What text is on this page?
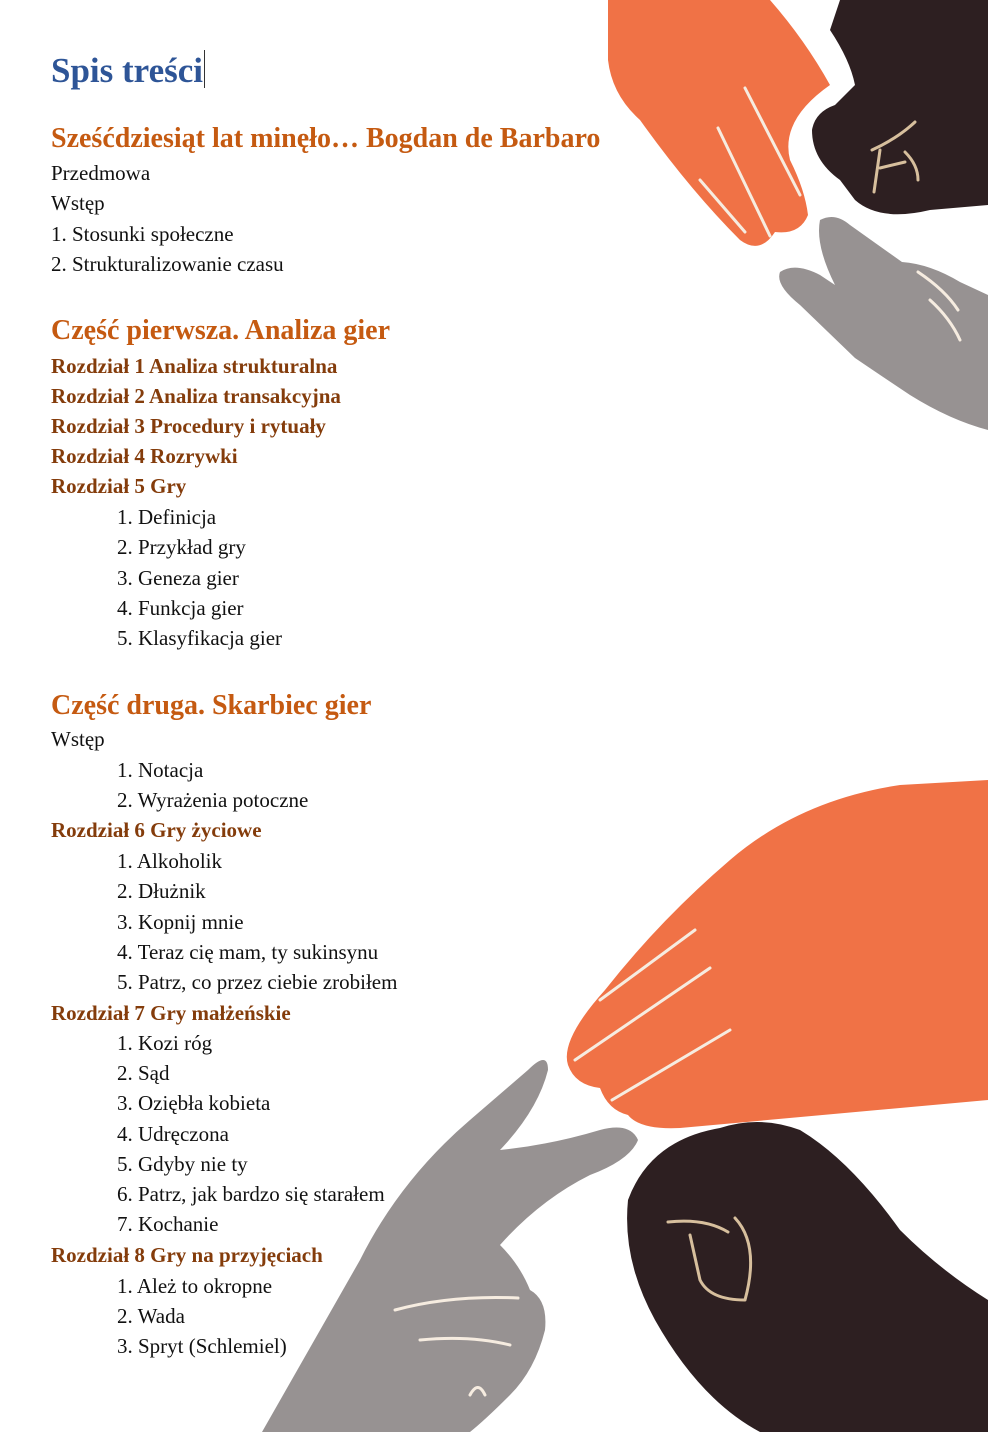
Spis treści
Sześćdziesiąt lat minęło… Bogdan de Barbaro
Przedmowa
Wstęp
1. Stosunki społeczne
2. Strukturalizowanie czasu
Część pierwsza. Analiza gier
Rozdział 1 Analiza strukturalna
Rozdział 2 Analiza transakcyjna
Rozdział 3 Procedury i rytuały
Rozdział 4 Rozrywki
Rozdział 5 Gry
1. Definicja
2. Przykład gry
3. Geneza gier
4. Funkcja gier
5. Klasyfikacja gier
Część druga. Skarbiec gier
Wstęp
1. Notacja
2. Wyrażenia potoczne
Rozdział 6 Gry życiowe
1. Alkoholik
2. Dłużnik
3. Kopnij mnie
4. Teraz cię mam, ty sukinsynu
5. Patrz, co przez ciebie zrobiłem
Rozdział 7 Gry małżeńskie
1. Kozi róg
2. Sąd
3. Oziębła kobieta
4. Udręczona
5. Gdyby nie ty
6. Patrz, jak bardzo się starałem
7. Kochanie
Rozdział 8 Gry na przyjęciach
1. Ależ to okropne
2. Wada
3. Spryt (Schlemiel)
